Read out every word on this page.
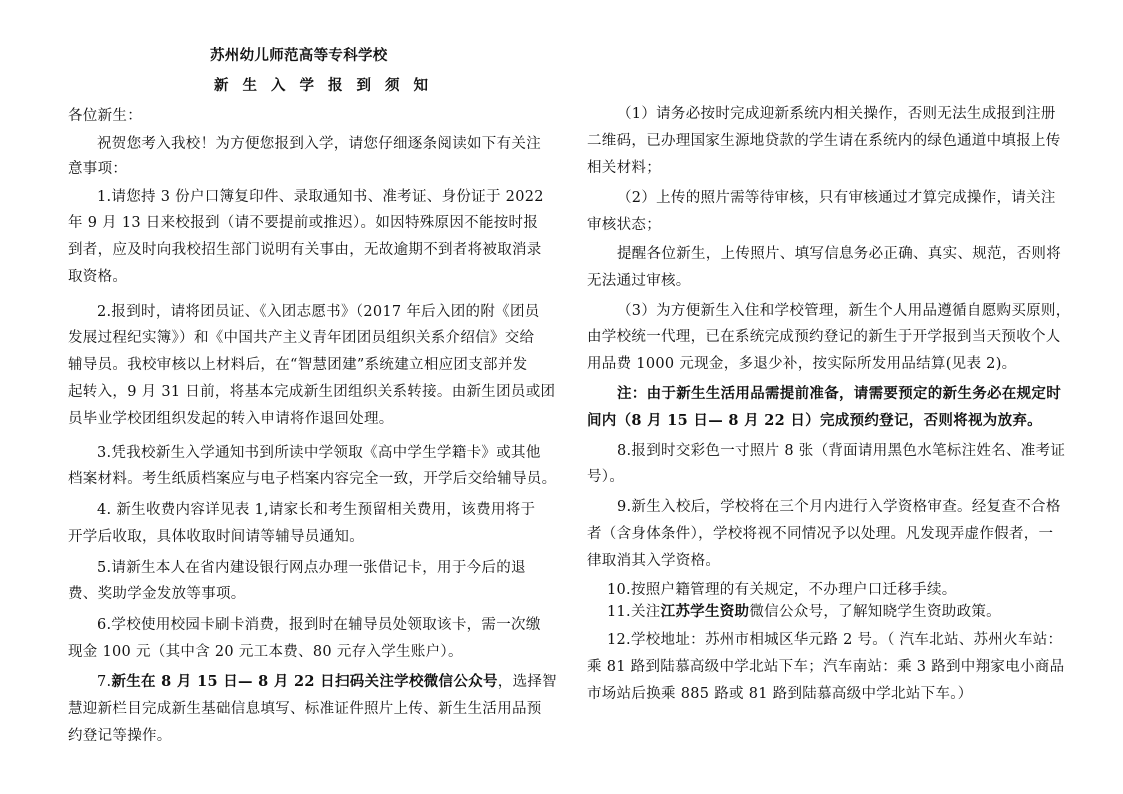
苏州幼儿师范高等专科学校
新生入学报到须知
各位新生：
祝贺您考入我校！为方便您报到入学，请您仔细逐条阅读如下有关注
意事项：
1.请您持 3 份户口簿复印件、录取通知书、准考证、身份证于 2022
年 9 月 13 日来校报到（请不要提前或推迟）。如因特殊原因不能按时报
到者，应及时向我校招生部门说明有关事由，无故逾期不到者将被取消录
取资格。
2.报到时，请将团员证、《入团志愿书》（2017 年后入团的附《团员
发展过程纪实簿》）和《中国共产主义青年团团员组织关系介绍信》交给
辅导员。我校审核以上材料后，在“智慧团建”系统建立相应团支部并发
起转入，9 月 31 日前，将基本完成新生团组织关系转接。由新生团员或团
员毕业学校团组织发起的转入申请将作退回处理。
3.凭我校新生入学通知书到所读中学领取《高中学生学籍卡》或其他
档案材料。考生纸质档案应与电子档案内容完全一致，开学后交给辅导员。
4. 新生收费内容详见表 1,请家长和考生预留相关费用，该费用将于
开学后收取，具体收取时间请等辅导员通知。
5.请新生本人在省内建设银行网点办理一张借记卡，用于今后的退
费、奖助学金发放等事项。
6.学校使用校园卡刷卡消费，报到时在辅导员处领取该卡，需一次缴
现金 100 元（其中含 20 元工本费、80 元存入学生账户）。
7.新生在 8 月 15 日— 8 月 22 日扫码关注学校微信公众号，选择智
慧迎新栏目完成新生基础信息填写、标准证件照片上传、新生生活用品预
约登记等操作。
（1）请务必按时完成迎新系统内相关操作，否则无法生成报到注册
二维码，已办理国家生源地贷款的学生请在系统内的绿色通道中填报上传
相关材料；
（2）上传的照片需等待审核，只有审核通过才算完成操作，请关注
审核状态；
提醒各位新生，上传照片、填写信息务必正确、真实、规范，否则将
无法通过审核。
（3）为方便新生入住和学校管理，新生个人用品遵循自愿购买原则，
由学校统一代理，已在系统完成预约登记的新生于开学报到当天预收个人
用品费 1000 元现金，多退少补，按实际所发用品结算(见表 2)。
注：由于新生生活用品需提前准备，请需要预定的新生务必在规定时
间内（8 月 15 日— 8 月 22 日）完成预约登记，否则将视为放弃。
8.报到时交彩色一寸照片 8 张（背面请用黑色水笔标注姓名、准考证
号）。
9.新生入校后，学校将在三个月内进行入学资格审查。经复查不合格
者（含身体条件），学校将视不同情况予以处理。凡发现弄虚作假者，一
律取消其入学资格。
10.按照户籍管理的有关规定，不办理户口迁移手续。
11.关注江苏学生资助微信公众号，了解知晓学生资助政策。
12.学校地址：苏州市相城区华元路 2 号。（ 汽车北站、苏州火车站：
乘 81 路到陆慕高级中学北站下车；汽车南站：乘 3 路到中翔家电小商品
市场站后换乘 885 路或 81 路到陆慕高级中学北站下车。）
